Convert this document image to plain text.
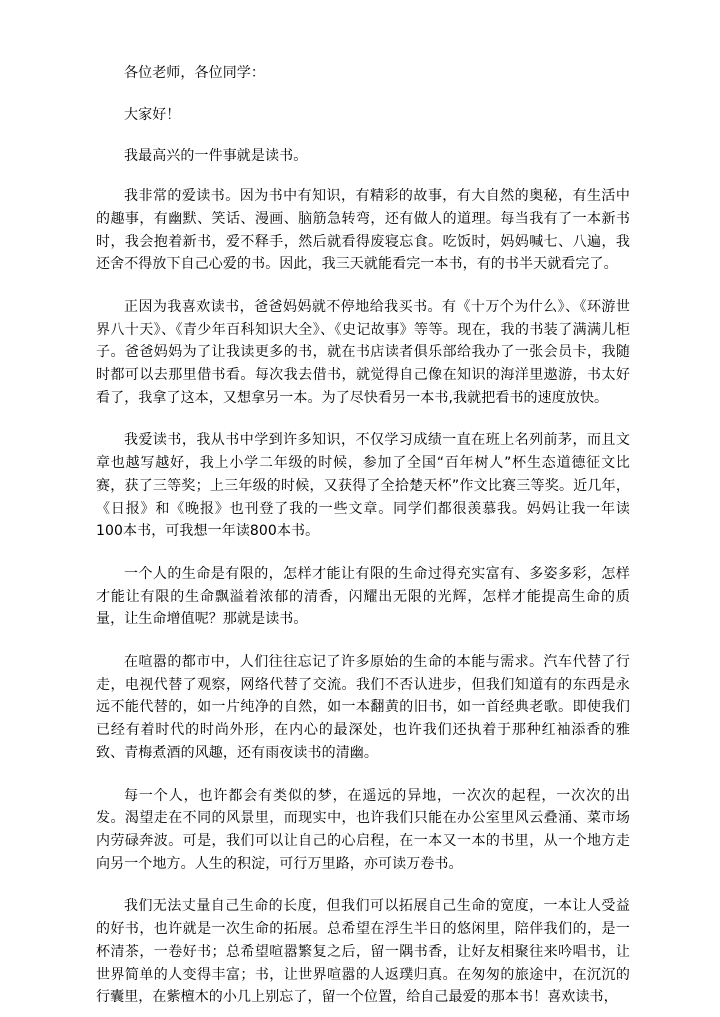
各位老师，各位同学：

大家好！

我最高兴的一件事就是读书。

我非常的爱读书。因为书中有知识，有精彩的故事，有大自然的奥秘，有生活中的趣事，有幽默、笑话、漫画、脑筋急转弯，还有做人的道理。每当我有了一本新书时，我会抱着新书，爱不释手，然后就看得废寝忘食。吃饭时，妈妈喊七、八遍，我还舍不得放下自己心爱的书。因此，我三天就能看完一本书，有的书半天就看完了。

正因为我喜欢读书，爸爸妈妈就不停地给我买书。有《十万个为什么》、《环游世界八十天》、《青少年百科知识大全》、《史记故事》等等。现在，我的书装了满满儿柜子。爸爸妈妈为了让我读更多的书，就在书店读者俱乐部给我办了一张会员卡，我随时都可以去那里借书看。每次我去借书，就觉得自己像在知识的海洋里遨游，书太好看了，我拿了这本，又想拿另一本。为了尽快看另一本书,我就把看书的速度放快。

我爱读书，我从书中学到许多知识，不仅学习成绩一直在班上名列前茅，而且文章也越写越好，我上小学二年级的时候，参加了全国“百年树人”杯生态道德征文比赛，获了三等奖；上三年级的时候，又获得了全拾楚天杯”作文比赛三等奖。近几年，《日报》和《晚报》也刊登了我的一些文章。同学们都很羡慕我。妈妈让我一年读100本书，可我想一年读800本书。

一个人的生命是有限的，怎样才能让有限的生命过得充实富有、多姿多彩，怎样才能让有限的生命飘溢着浓郁的清香，闪耀出无限的光辉，怎样才能提高生命的质量，让生命增值呢？那就是读书。

在喧嚣的都市中，人们往往忘记了许多原始的生命的本能与需求。汽车代替了行走，电视代替了观察，网络代替了交流。我们不否认进步，但我们知道有的东西是永远不能代替的，如一片纯净的自然，如一本翻黄的旧书，如一首经典老歌。即使我们已经有着时代的时尚外形，在内心的最深处，也许我们还执着于那种红袖添香的雅致、青梅煮酒的风趣，还有雨夜读书的清幽。

每一个人，也许都会有类似的梦，在遥远的异地，一次次的起程，一次次的出发。渴望走在不同的风景里，而现实中，也许我们只能在办公室里风云叠涌、菜市场内劳碌奔波。可是，我们可以让自己的心启程，在一本又一本的书里，从一个地方走向另一个地方。人生的积淀，可行万里路，亦可读万卷书。

我们无法丈量自己生命的长度，但我们可以拓展自己生命的宽度，一本让人受益的好书，也许就是一次生命的拓展。总希望在浮生半日的悠闲里，陪伴我们的，是一杯清茶，一卷好书；总希望喧嚣繁复之后，留一隅书香，让好友相聚往来吟唱书，让世界简单的人变得丰富；书，让世界喧嚣的人返璞归真。在匆匆的旅途中，在沉沉的行囊里，在紫檀木的小几上别忘了，留一个位置，给自己最爱的那本书！喜欢读书，
